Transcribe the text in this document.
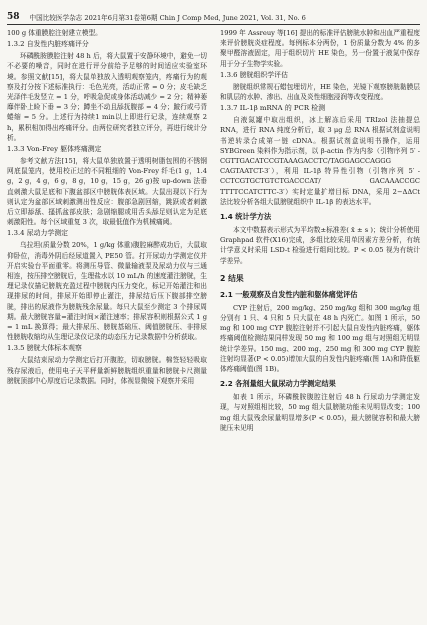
58 中国比较医学杂志 2021年6月第31卷第6期 Chin J Comp Med, June 2021, Vol. 31, No. 6

100 g 体重膜腔注射建立模型。

1.3.2 自发性内脏疼痛评分

环磷酰胺膜腔注射 48 h 后，将大鼠置于安静环境中，避免一切不必要的噪音，同时在进行评分前给予足够的时间适应实验室环境。参照文献[15]，将大鼠单独放入透明观察笼内，疼痛行为的观察及打分按下述标准执行：毛色光亮，活动正常 = 0 分；皮毛缺乏光泽伴毛发竖立 = 1 分，呼吸急促或身体活动减少 = 2 分；精神萎靡伴卧上睑下垂 = 3 分；蹲坐不动且舔抚腹部 = 4 分；跛行或弓背蜷缩 = 5 分。上述行为持续1 min以上即进行记录，连续观察 2 h，累积相加得出疼痛评分。由两位研究者独立评分，再进行统计分析。

1.3.3 Von-Frey 躯体疼痛测定

参考文献方法[15]，将大鼠单独放置于透明树脂包围的不锈钢网底鼠笼内，使用校正过的不同粗细的 Von-Frey 纤毛(1 g，1.4 g，2 g，4 g，6 g，8 g，10 g，15 g，26 g)按 up-down 法垂直刺激大鼠足底和下腹盆部区中膀胱体表区域。大鼠出现以下行为则认定为盆部区域刺激测出性反应：腹部急剧回缩，跳跃或者刺激后立即舔舐、搔抓盆部皮肤；急剧缩腿或用舌头舔足则认定为足底刺激阳性。每个区域重复 3 次，取最低值作为机械痛阈。

1.3.4 尿动力学测定

乌拉坦(质量分数 20%，1 g/kg 体重)腹腔麻醉成功后，大鼠取仰卧位，消毒外阴后经尿道置入 PE50 管。打开尿动力学测定仪并开启实验台平面重零。将测压导管、微量输液泵及尿动力仪与三通相连，按压排空膀胱后，生理盐水以 10 mL/h 的速度灌注膀胱，生理记录仪描记膀胱充盈过程中膀胱内压力变化，标记开始灌注和出现排尿的时间，排尿开始即停止灌注，排尿结后压下腹部排空膀胱，排出的尿液作为膀胱残余尿量。每只大鼠至少测定 3 个排尿周期。最大膀胱容量=灌注时间×灌注速率；排尿容积则根据公式 1 g = 1 mL 换算得；最大排尿压、膀胱基础压、阈值膀胱压、非排尿性膀胱收缩均从生理记录仪记录的动态压力记录数据中分析获取。

1.3.5 膀胱大体标本观察

大鼠结束尿动力学测定后打开腹腔，切取膀胱。棉签轻轻吸取残存尿液后，使用电子天平秤量新鲜膀胱组织重量和膀胱卡尺测量膀胱顶部中心厚度后记录数据。同时，体视显微镜下观察并采用

1999 年 Assreuy 等[16] 提出的标准评估膀胱水肿和出血严重程度来评价膀胱炎症程度。每例标本分两份，1 份质量分数为 4% 的多聚甲醛溶液固定，用于组织切片 HE 染色，另一份置于液氮中保存用于分子生物学实验。

1.3.6 膀胱组织学评估

膀胱组织常规石蜡包埋切片，HE 染色，光镜下观察膀胱黏膜层和肌层的水肿、渗出、出血及炎性细胞浸润等改变程度。

1.3.7 IL-1β mRNA 的 PCR 检测

自液氮罐中取出组织，冰上解冻后采用 TRIzol 法抽提总 RNA，进行 RNA 纯度分析后，取 3 μg 总 RNA 根据试剂盒说明书逆转录合成第一链 cDNA。根据试剂盒说明书操作，运用 SYBGreen 染料作为指示剂，以 β-actin 作为内参（引物序列 5′ -CGTTGACATCCGTAAAGACCTC/TAGGAGCCAGGG CAGTAATCT-3′），利用 IL-1β 特异性引物（引物序列 5′ -CCTCGTGCTGTCTGACCCAT/ GACAAACCGC TTTTCCATCTTC-3′）实时定量扩增目标 DNA，采用 2−ΔΔCt 法比较分析各组大鼠膀胱组织中 IL-1β 的表达水平。

1.4 统计学方法

本文中数据表示形式为平均数±标准差( x̄ ± s )；统计分析使用 Graphpad 软件(X16)完成，多组比较采用单因素方差分析，有统计学意义时采用 LSD-t 检验进行组间比较。P < 0.05 视为有统计学差异。

2 结果
2.1 一般观察及自发性内脏和躯体痛觉评估

CYP 注射后，200 mg/kg、250 mg/kg 组和 300 mg/kg 组分别有 1 只、4 只和 5 只大鼠在 48 h 内死亡。如图 1 所示，50 mg 和 100 mg CYP 腹腔注射并不引起大鼠自发性内脏疼痛，躯体疼痛阈值检测结果同样发现 50 mg 和 100 mg 组与对照组无明显统计学差异。150 mg、200 mg、250 mg 和 300 mg CYP 腹腔注射均显著(P < 0.05)增加大鼠的自发性内脏疼痛(图 1A)和降低躯体疼痛阈值(图 1B)。

2.2 各剂量组大鼠尿动力学测定结果

如表 1 所示，环磷酰胺腹腔注射后 48 h 行尿动力学测定发现，与对照组相比较，50 mg 组大鼠膀胱功能未见明显改变；100 mg 组大鼠残余尿量明显增多(P < 0.05)，最大膀胱容积和最大膀胱压未见明
